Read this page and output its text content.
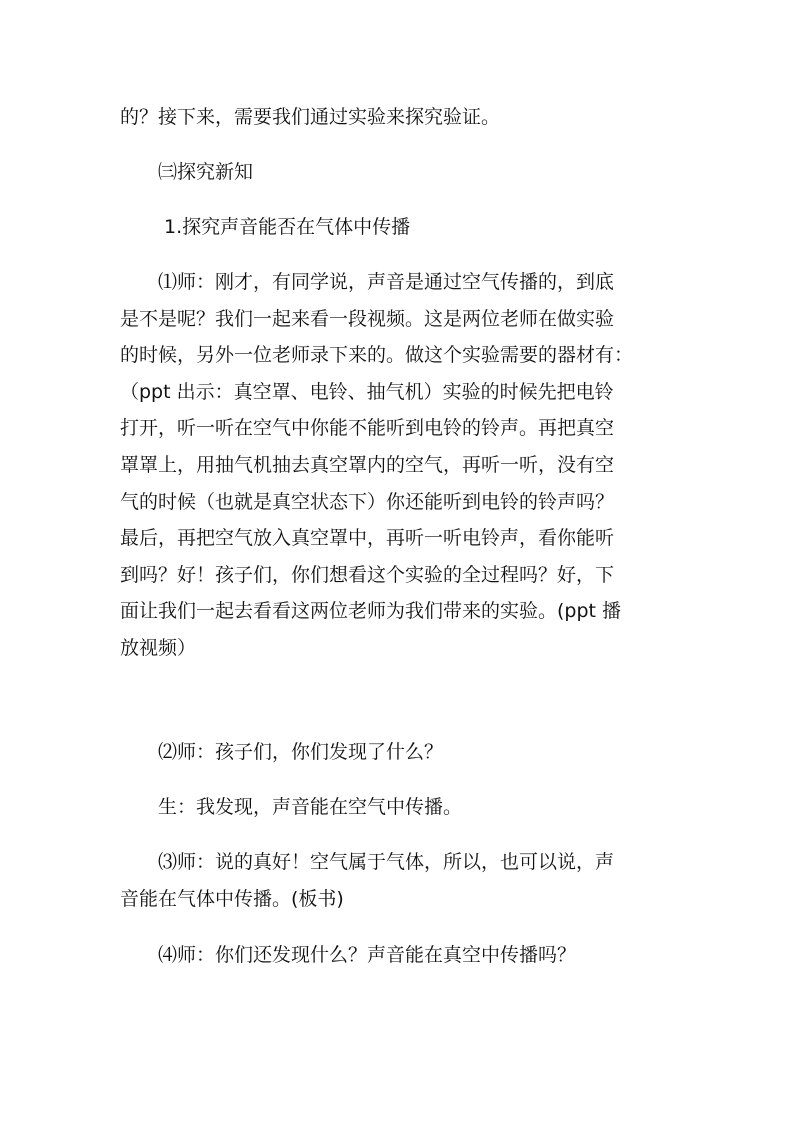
的？接下来，需要我们通过实验来探究验证。
　　㈢探究新知
　　 1.探究声音能否在气体中传播
　　⑴师：刚才，有同学说，声音是通过空气传播的，到底
是不是呢？我们一起来看一段视频。这是两位老师在做实验
的时候，另外一位老师录下来的。做这个实验需要的器材有：
（ppt 出示：真空罩、电铃、抽气机）实验的时候先把电铃
打开，听一听在空气中你能不能听到电铃的铃声。再把真空
罩罩上，用抽气机抽去真空罩内的空气，再听一听，没有空
气的时候（也就是真空状态下）你还能听到电铃的铃声吗？
最后，再把空气放入真空罩中，再听一听电铃声，看你能听
到吗？好！孩子们，你们想看这个实验的全过程吗？好，下
面让我们一起去看看这两位老师为我们带来的实验。(ppt 播
放视频）
　　⑵师：孩子们，你们发现了什么？
　　生：我发现，声音能在空气中传播。
　　⑶师：说的真好！空气属于气体，所以，也可以说，声
音能在气体中传播。(板书)
　　⑷师：你们还发现什么？声音能在真空中传播吗？
